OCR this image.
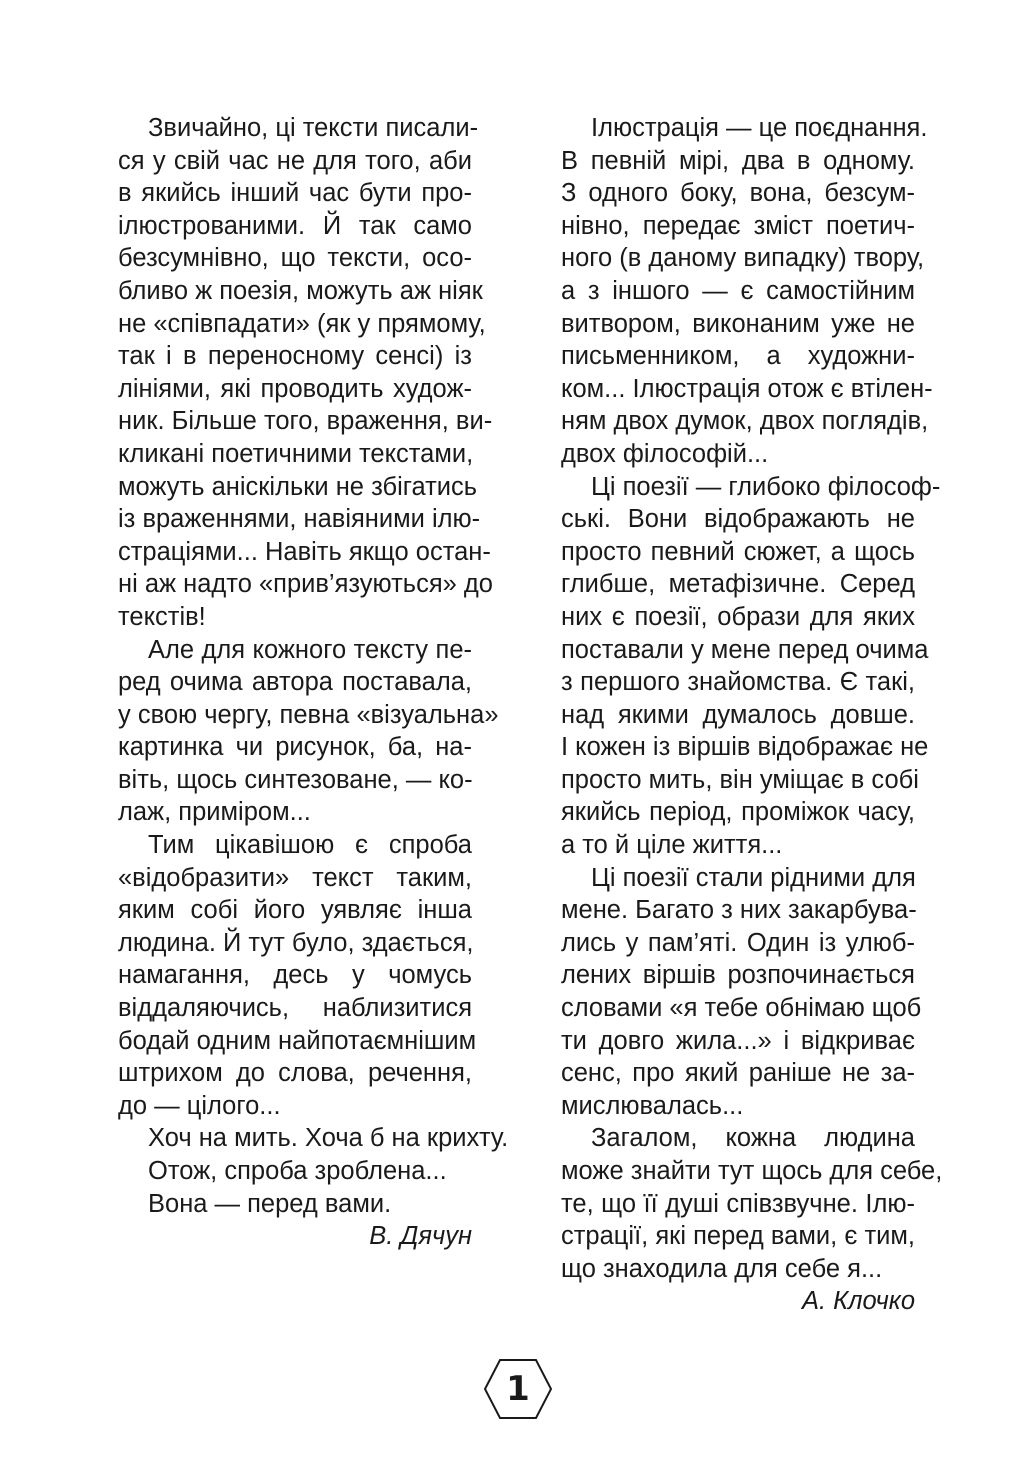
Звичайно, ці тексти писали-
ся у свій час не для того, аби
в якийсь інший час бути про-
ілюстрованими. Й так само
безсумнівно, що тексти, осо-
бливо ж поезія, можуть аж ніяк
не «співпадати» (як у прямому,
так і в переносному сенсі) із
лініями, які проводить худож-
ник. Більше того, враження, ви-
кликані поетичними текстами,
можуть аніскільки не збігатись
із враженнями, навіяними ілю-
страціями... Навіть якщо остан-
ні аж надто «прив’язуються» до
текстів!
Але для кожного тексту пе-
ред очима автора поставала,
у свою чергу, певна «візуальна»
картинка чи рисунок, ба, на-
віть, щось синтезоване, — ко-
лаж, приміром...
Тим цікавішою є спроба
«відобразити» текст таким,
яким собі його уявляє інша
людина. Й тут було, здається,
намагання, десь у чомусь
віддаляючись, наблизитися
бодай одним найпотаємнішим
штрихом до слова, речення,
до — цілого...
Хоч на мить. Хоча б на крихту.
Отож, спроба зроблена...
Вона — перед вами.
В. Дячун
Ілюстрація — це поєднання.
В певній мірі, два в одному.
З одного боку, вона, безсум-
нівно, передає зміст поетич-
ного (в даному випадку) твору,
а з іншого — є самостійним
витвором, виконаним уже не
письменником, а художни-
ком... Ілюстрація отож є втілен-
ням двох думок, двох поглядів,
двох філософій...
Ці поезії — глибоко філософ-
ські. Вони відображають не
просто певний сюжет, а щось
глибше, метафізичне. Серед
них є поезії, образи для яких
поставали у мене перед очима
з першого знайомства. Є такі,
над якими думалось довше.
І кожен із віршів відображає не
просто мить, він уміщає в собі
якийсь період, проміжок часу,
а то й ціле життя...
Ці поезії стали рідними для
мене. Багато з них закарбува-
лись у пам’яті. Один із улюб-
лених віршів розпочинається
словами «я тебе обнімаю щоб
ти довго жила...» і відкриває
сенс, про який раніше не за-
мислювалась...
Загалом, кожна людина
може знайти тут щось для себе,
те, що її душі співзвучне. Ілю-
страції, які перед вами, є тим,
що знаходила для себе я...
А. Клочко
1
